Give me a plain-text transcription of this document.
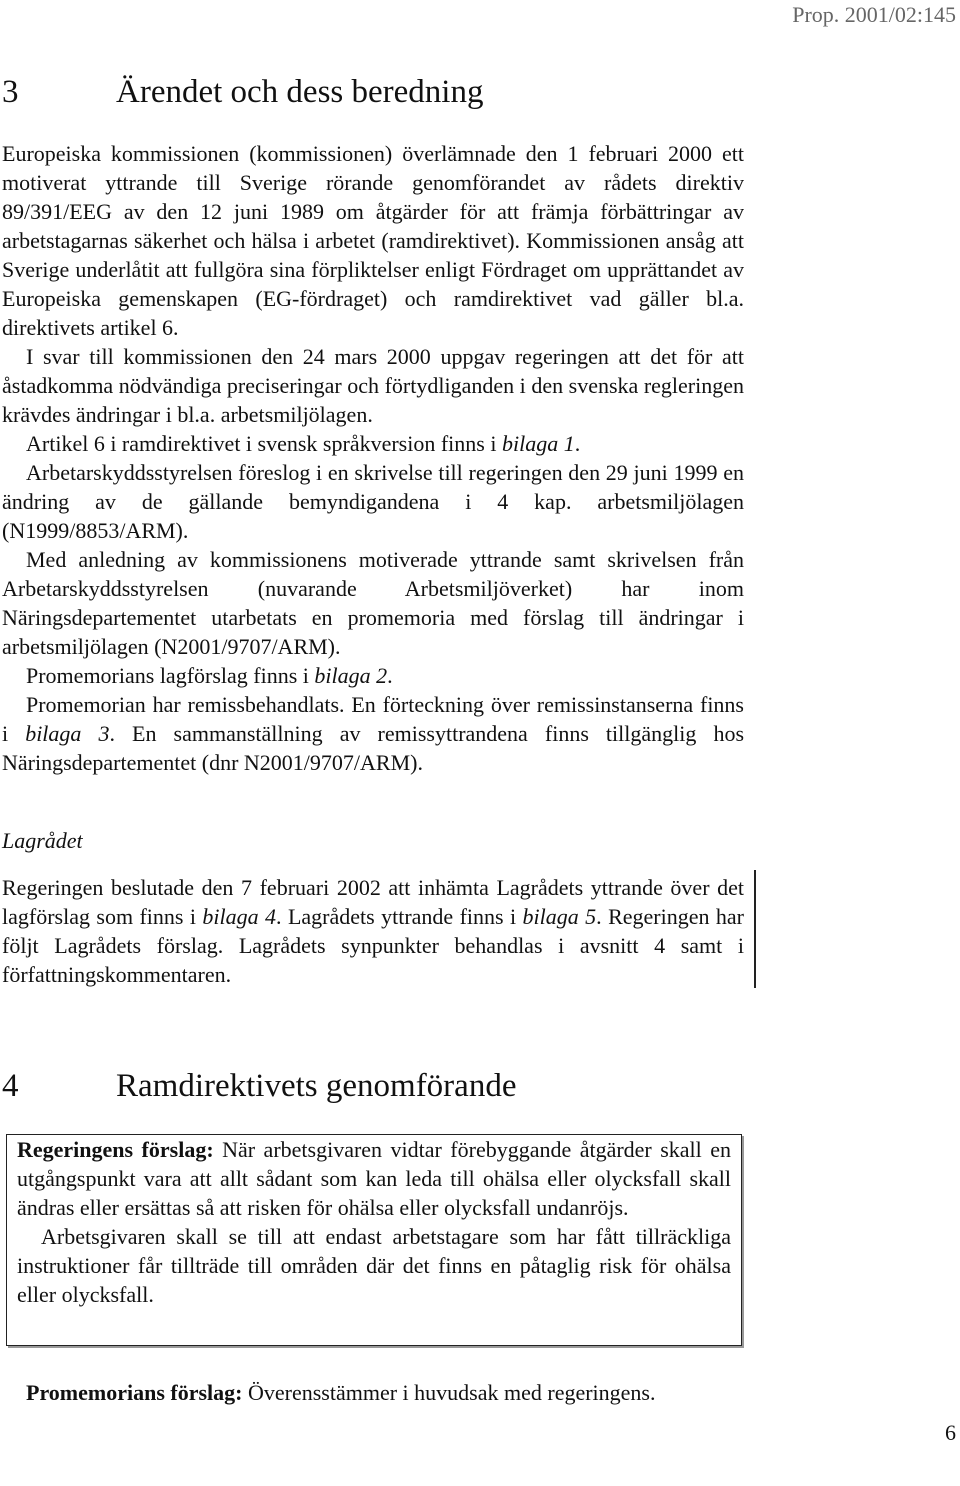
Prop. 2001/02:145
3	Ärendet och dess beredning

Europeiska kommissionen (kommissionen) överlämnade den 1 februari 2000 ett motiverat yttrande till Sverige rörande genomförandet av rådets direktiv 89/391/EEG av den 12 juni 1989 om åtgärder för att främja förbättringar av arbetstagarnas säkerhet och hälsa i arbetet (ramdirektivet). Kommissionen ansåg att Sverige underlåtit att fullgöra sina förpliktelser enligt Fördraget om upprättandet av Europeiska gemenskapen (EG-fördraget) och ramdirektivet vad gäller bl.a. direktivets artikel 6.

I svar till kommissionen den 24 mars 2000 uppgav regeringen att det för att åstadkomma nödvändiga preciseringar och förtydliganden i den svenska regleringen krävdes ändringar i bl.a. arbetsmiljölagen.

Artikel 6 i ramdirektivet i svensk språkversion finns i bilaga 1.

Arbetarskyddsstyrelsen föreslog i en skrivelse till regeringen den 29 juni 1999 en ändring av de gällande bemyndigandena i 4 kap. arbetsmiljölagen (N1999/8853/ARM).

Med anledning av kommissionens motiverade yttrande samt skrivelsen från Arbetarskyddsstyrelsen (nuvarande Arbetsmiljöverket) har inom Näringsdepartementet utarbetats en promemoria med förslag till ändringar i arbetsmiljölagen (N2001/9707/ARM).

Promemorians lagförslag finns i bilaga 2.

Promemorian har remissbehandlats. En förteckning över remissinstanserna finns i bilaga 3. En sammanställning av remissyttrandena finns tillgänglig hos Näringsdepartementet (dnr N2001/9707/ARM).

Lagrådet

Regeringen beslutade den 7 februari 2002 att inhämta Lagrådets yttrande över det lagförslag som finns i bilaga 4. Lagrådets yttrande finns i bilaga 5. Regeringen har följt Lagrådets förslag. Lagrådets synpunkter behandlas i avsnitt 4 samt i författningskommentaren.

4	Ramdirektivets genomförande

Regeringens förslag: När arbetsgivaren vidtar förebyggande åtgärder skall en utgångspunkt vara att allt sådant som kan leda till ohälsa eller olycksfall skall ändras eller ersättas så att risken för ohälsa eller olycksfall undanröjs.

Arbetsgivaren skall se till att endast arbetstagare som har fått tillräckliga instruktioner får tillträde till områden där det finns en påtaglig risk för ohälsa eller olycksfall.

Promemorians förslag: Överensstämmer i huvudsak med regeringens.
6
